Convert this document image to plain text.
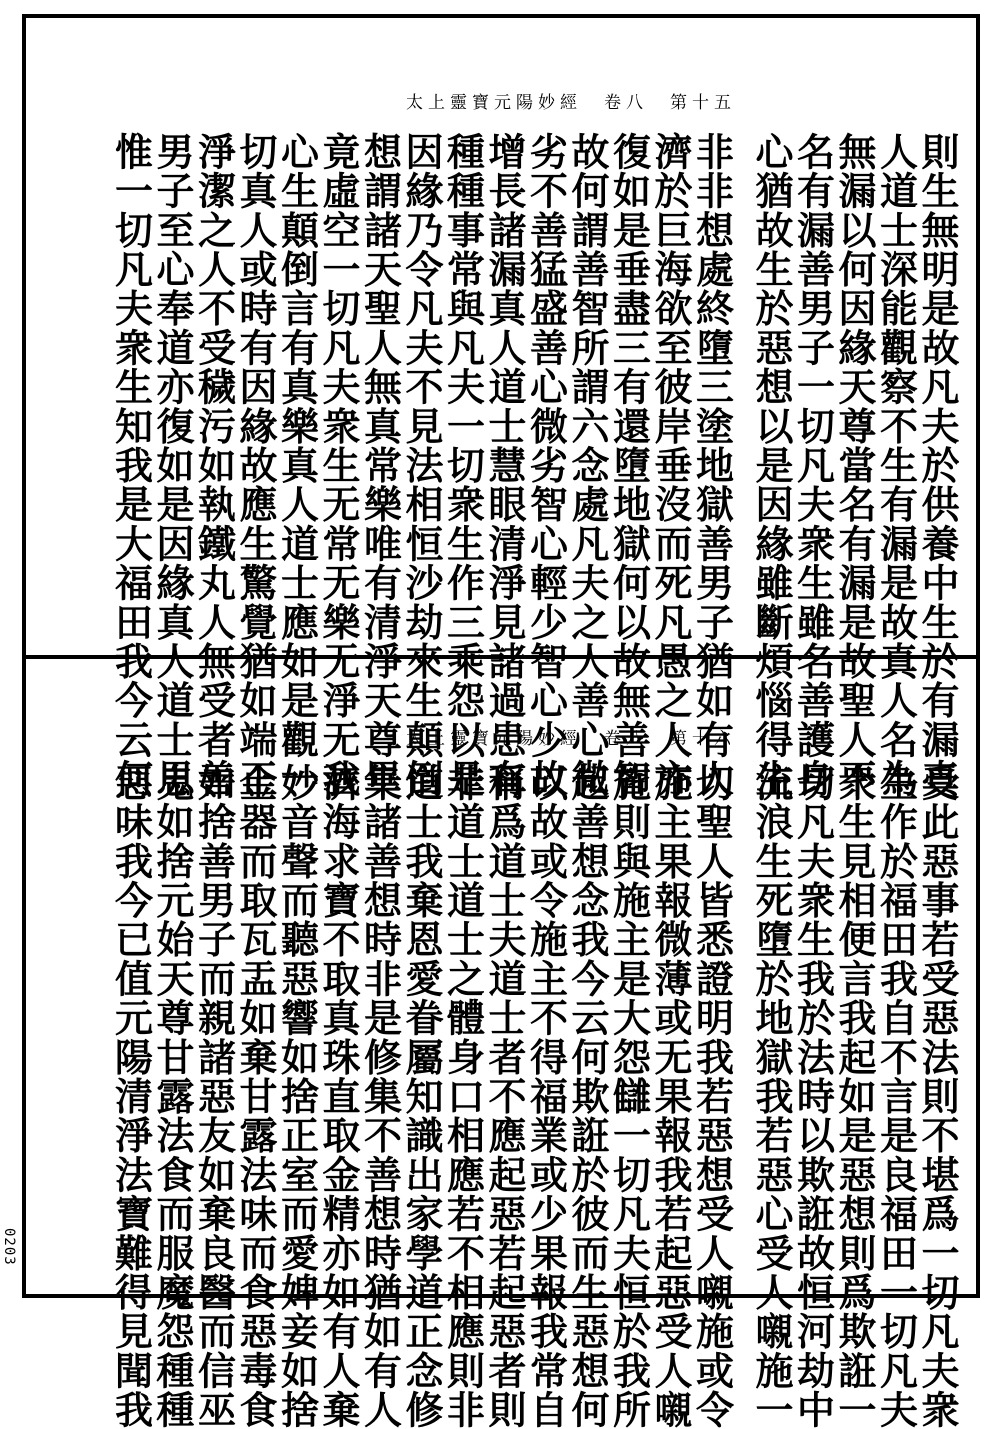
太上靈寶元陽妙經　卷八　第十五
則生無明是故凡夫於供養中生於有漏真
人道士深能觀察不生有漏是故真人名為
無漏以何因緣天尊當名有漏是故聖人不
名有漏善男子一切凡夫衆生雖名善護身
心猶故生於惡想以是因緣雖斷煩惱得生
非非想處終墮三塗地獄善男子猶如有人
濟於巨海欲至彼岸垂沒而死凡愚之人亦
復如是垂盡三有還墮地獄何以故無善智
故何謂善智所謂六念處凡夫之人善心微
劣不善猛盛善心微劣智心輕少智心少故
增長諸漏真人道士慧眼清淨見諸過患有
種種事常與凡夫一切衆生作三乘怨以是
因緣乃令凡夫不見法相恒沙劫來生顛倒
想謂諸天聖人無真常樂唯有清淨天尊畢
竟虛空一切凡夫衆生无常无樂无淨无我
心生顛倒言有真樂真人道士應如是觀一
切真人或時有因緣故應生驚覺猶如端正
淨潔之人不受穢污如執鐵丸人無受者善
男子至心奉道亦復如是因緣真人道士思
惟一切凡夫衆生知我是大福田我今云何	太上靈寶元陽妙經　卷八　第十六
受此惡事若受惡法則不堪爲一切凡夫衆
生作於福田我自不言是良福田一切凡夫
衆生見相便言我起如是惡想則爲欺誑一
切凡夫衆生我於法時以欺誑故恒河劫中
流浪生死墮於地獄我若惡心受人嚫施一
切聖人皆悉證明我若惡想受人嚫施或令
施主果報微薄或无果報我若起惡受人嚫
施則與施主是大怨讎一切凡夫恒於我所
起善想念我今云何欺誑於彼而生惡想何
以故或令施主不得福業或少果報我常自
稱爲道士夫道士者不應起惡若起惡者則
非道士道士之體身口相應若不相應則非
道士我棄恩愛眷屬知識出家學道正念修
集諸善想時非是修集不善想時猶如有人
濟海求寶不取真珠直取金精亦如有人棄
妙音聲而聽惡響如捨正室而愛婢妾如捨
金器而取瓦盂如棄甘露法味而食惡毒食
如捨善男子而親諸惡友如棄良醫而信巫
鬼如捨元始天尊甘露法食而服魔怨種種
惡味我今已值元陽清淨法寶難得見聞我
0203
